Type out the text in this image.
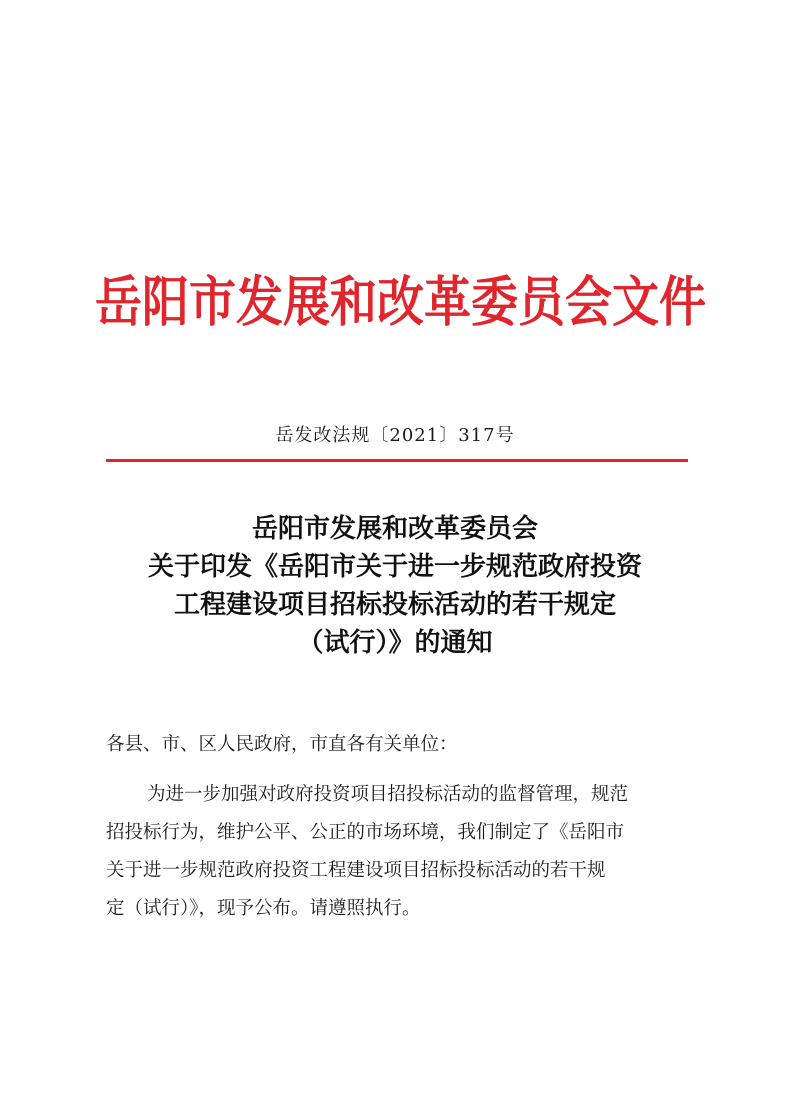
岳阳市发展和改革委员会文件
岳发改法规〔2021〕317号
岳阳市发展和改革委员会
关于印发《岳阳市关于进一步规范政府投资
工程建设项目招标投标活动的若干规定
（试行）》的通知
各县、市、区人民政府，市直各有关单位：
为进一步加强对政府投资项目招投标活动的监督管理，规范
招投标行为，维护公平、公正的市场环境，我们制定了《岳阳市
关于进一步规范政府投资工程建设项目招标投标活动的若干规
定（试行）》，现予公布。请遵照执行。
